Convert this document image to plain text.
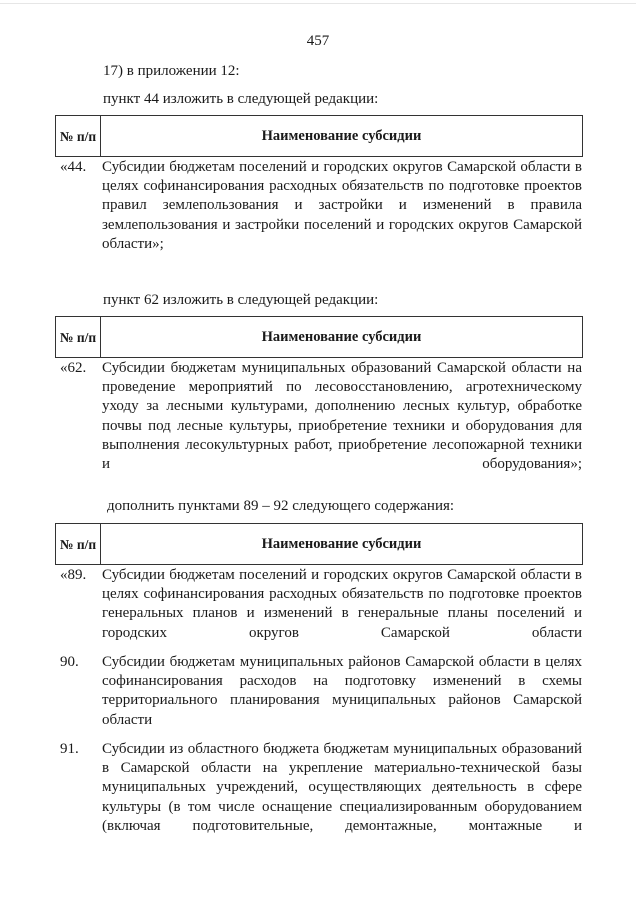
457
17) в приложении 12:
пункт 44 изложить в следующей редакции:
№ п/п	Наименование субсидии
«44.	Субсидии бюджетам поселений и городских округов Самарской области в целях софинансирования расходных обязательств по подготовке проектов правил землепользования и застройки и изменений в правила землепользования и застройки поселений и городских округов Самарской области»;
пункт 62 изложить в следующей редакции:
№ п/п	Наименование субсидии
«62.	Субсидии бюджетам муниципальных образований Самарской области на проведение мероприятий по лесовосстановлению, агротехническому уходу за лесными культурами, дополнению лесных культур, обработке почвы под лесные культуры, приобретение техники и оборудования для выполнения лесокультурных работ, приобретение лесопожарной техники и оборудования»;
дополнить пунктами 89 – 92 следующего содержания:
№ п/п	Наименование субсидии
«89.	Субсидии бюджетам поселений и городских округов Самарской области в целях софинансирования расходных обязательств по подготовке проектов генеральных планов и изменений в генеральные планы поселений и городских округов Самарской области
90.	Субсидии бюджетам муниципальных районов Самарской области в целях софинансирования расходов на подготовку изменений в схемы территориального планирования муниципальных районов Самарской области
91.	Субсидии из областного бюджета бюджетам муниципальных образований в Самарской области на укрепление материально-технической базы муниципальных учреждений, осуществляющих деятельность в сфере культуры (в том числе оснащение специализированным оборудованием (включая подготовительные, демонтажные, монтажные и
